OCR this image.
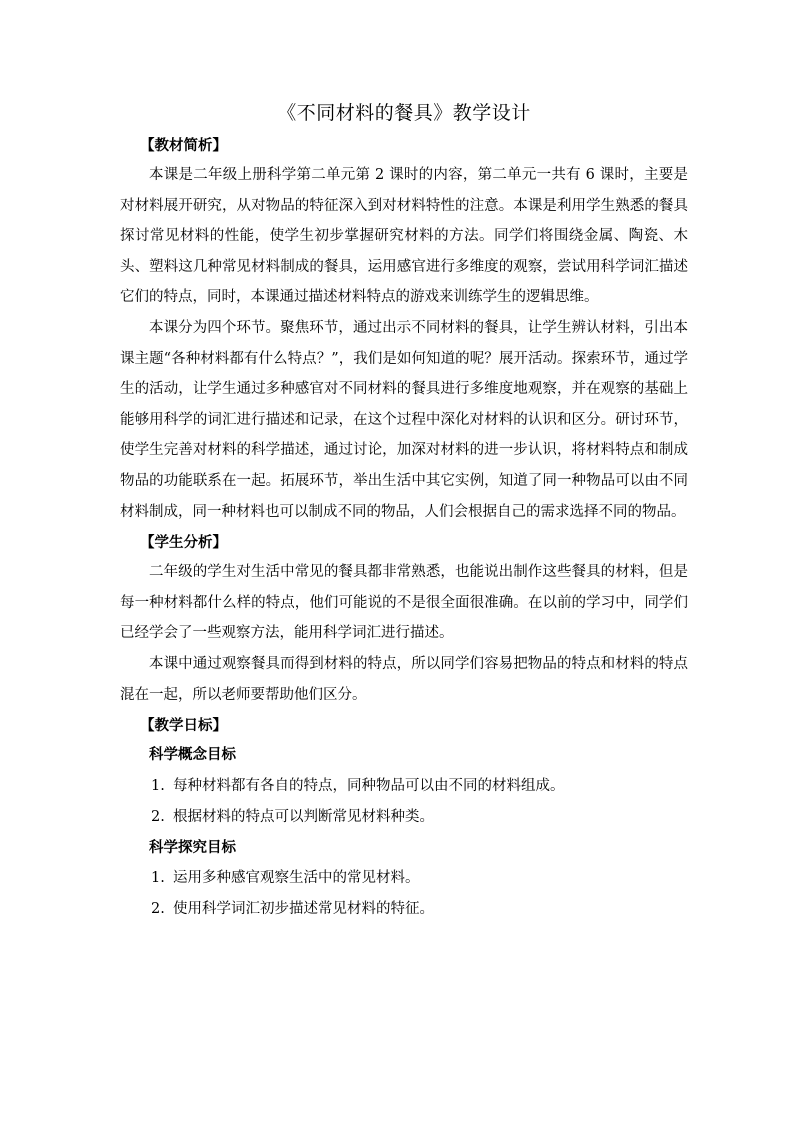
《不同材料的餐具》教学设计
【教材简析】

本课是二年级上册科学第二单元第 2 课时的内容，第二单元一共有 6 课时，主要是对材料展开研究，从对物品的特征深入到对材料特性的注意。本课是利用学生熟悉的餐具探讨常见材料的性能，使学生初步掌握研究材料的方法。同学们将围绕金属、陶瓷、木头、塑料这几种常见材料制成的餐具，运用感官进行多维度的观察，尝试用科学词汇描述它们的特点，同时，本课通过描述材料特点的游戏来训练学生的逻辑思维。

本课分为四个环节。聚焦环节，通过出示不同材料的餐具，让学生辨认材料，引出本课主题“各种材料都有什么特点？”，我们是如何知道的呢？展开活动。探索环节，通过学生的活动，让学生通过多种感官对不同材料的餐具进行多维度地观察，并在观察的基础上能够用科学的词汇进行描述和记录，在这个过程中深化对材料的认识和区分。研讨环节，使学生完善对材料的科学描述，通过讨论，加深对材料的进一步认识，将材料特点和制成物品的功能联系在一起。拓展环节，举出生活中其它实例，知道了同一种物品可以由不同材料制成，同一种材料也可以制成不同的物品，人们会根据自己的需求选择不同的物品。

【学生分析】

二年级的学生对生活中常见的餐具都非常熟悉，也能说出制作这些餐具的材料，但是每一种材料都什么样的特点，他们可能说的不是很全面很准确。在以前的学习中，同学们已经学会了一些观察方法，能用科学词汇进行描述。

本课中通过观察餐具而得到材料的特点，所以同学们容易把物品的特点和材料的特点混在一起，所以老师要帮助他们区分。

【教学日标】
科学概念目标
1. 每种材料都有各自的特点，同种物品可以由不同的材料组成。
2. 根据材料的特点可以判断常见材料种类。
科学探究目标
1. 运用多种感官观察生活中的常见材料。
2. 使用科学词汇初步描述常见材料的特征。
